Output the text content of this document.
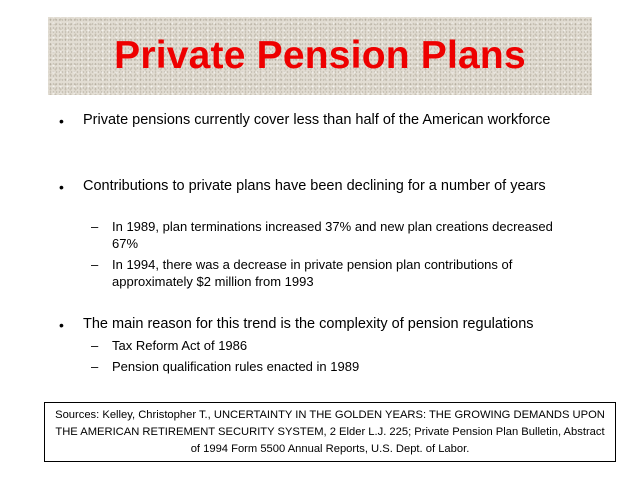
Private Pension Plans
• Private pensions currently cover less than half of the American workforce
• Contributions to private plans have been declining for a number of years
– In 1989, plan terminations increased 37% and new plan creations decreased 67%
– In 1994, there was a decrease in private pension plan contributions of approximately $2 million from 1993
• The main reason for this trend is the complexity of pension regulations
– Tax Reform Act of 1986
– Pension qualification rules enacted in 1989
Sources: Kelley, Christopher T., UNCERTAINTY IN THE GOLDEN YEARS: THE GROWING DEMANDS UPON THE AMERICAN RETIREMENT SECURITY SYSTEM, 2 Elder L.J. 225; Private Pension Plan Bulletin, Abstract of 1994 Form 5500 Annual Reports, U.S. Dept. of Labor.
